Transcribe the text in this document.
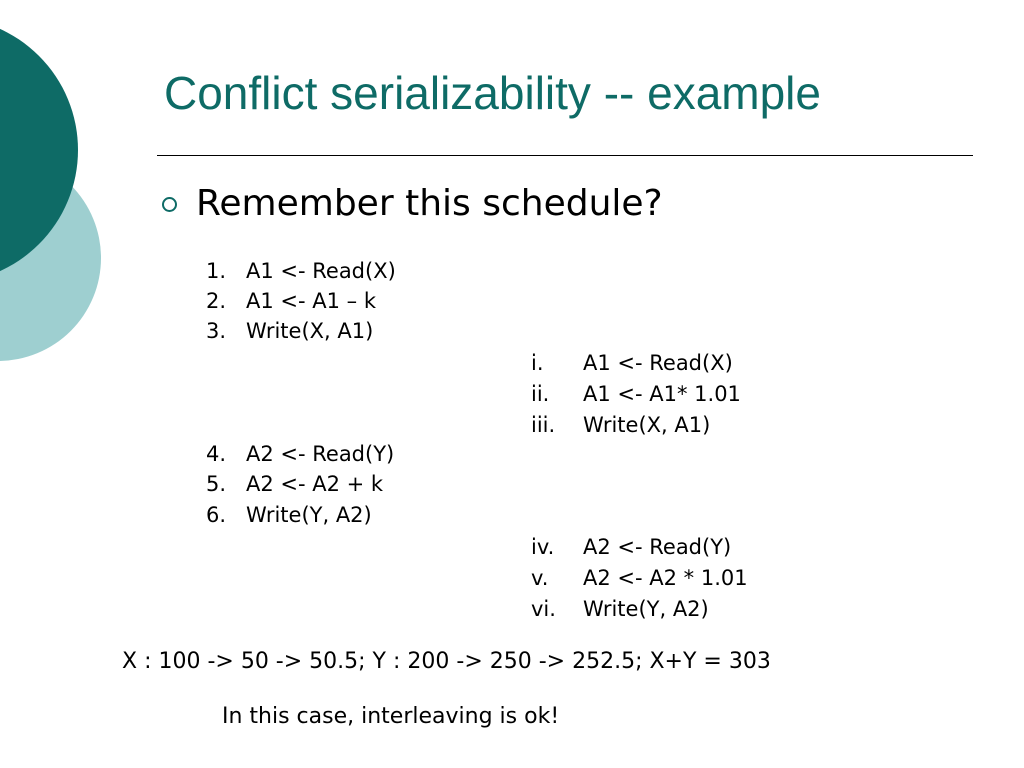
Conflict serializability -- example
Remember this schedule?
1. A1 <- Read(X)
2. A1 <- A1 – k
3. Write(X, A1)
i. A1 <- Read(X)
ii. A1 <- A1* 1.01
iii. Write(X, A1)
4. A2 <- Read(Y)
5. A2 <- A2 + k
6. Write(Y, A2)
iv. A2 <- Read(Y)
v. A2 <- A2 * 1.01
vi. Write(Y, A2)
X : 100 -> 50 -> 50.5; Y : 200 -> 250 -> 252.5; X+Y = 303
In this case, interleaving is ok!
